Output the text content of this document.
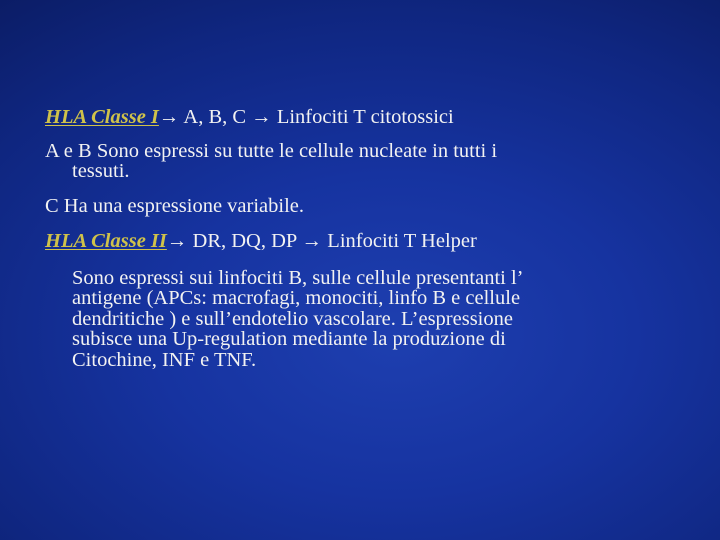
HLA Classe I→ A, B, C → Linfociti T citotossici
A e B Sono espressi su tutte le cellule nucleate in tutti i
tessuti.
C Ha una espressione variabile.
HLA Classe II→ DR, DQ, DP → Linfociti T Helper
Sono espressi sui linfociti B, sulle cellule presentanti l’
antigene (APCs: macrofagi, monociti, linfo B e cellule
dendritiche ) e sull’endotelio vascolare. L’espressione
subisce una Up-regulation mediante la produzione di
Citochine, INF e TNF.
